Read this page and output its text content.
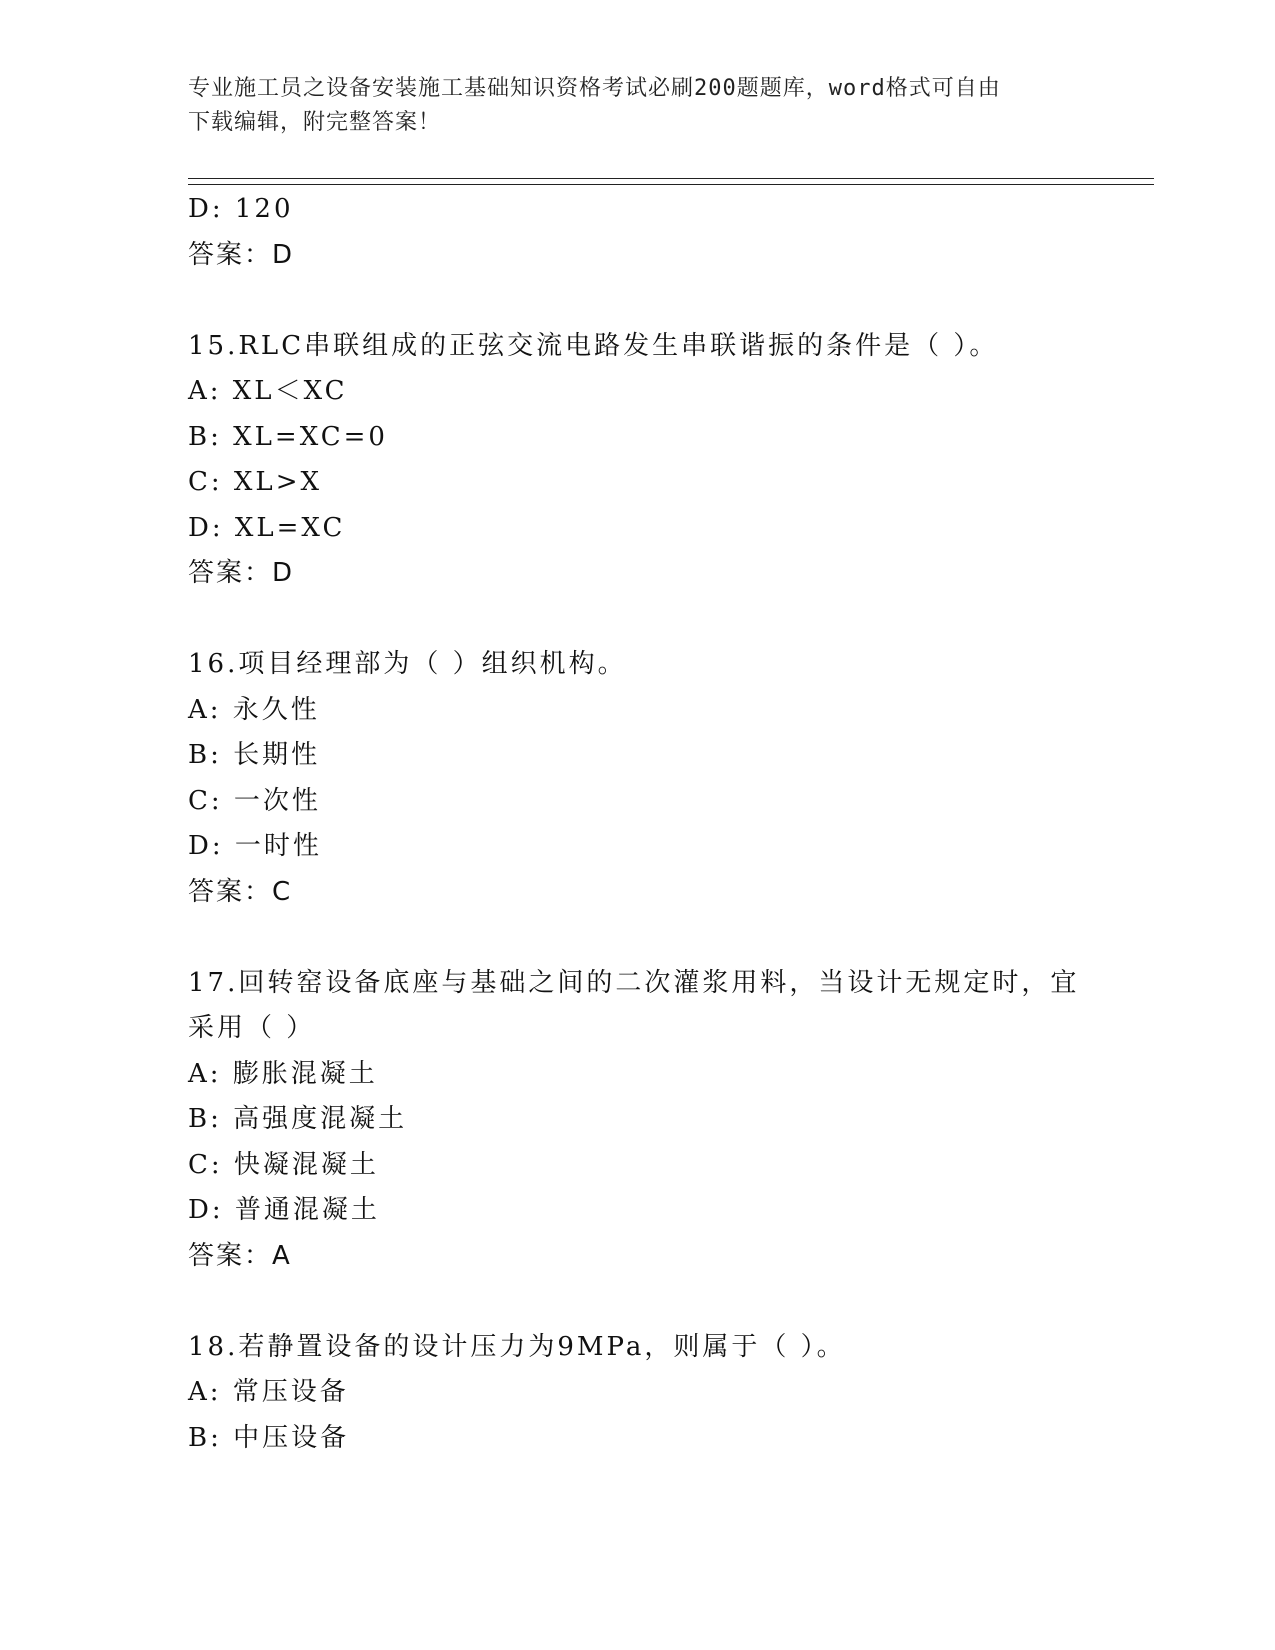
专业施工员之设备安装施工基础知识资格考试必刷200题题库，word格式可自由
下载编辑，附完整答案！
D: 120
答案：D
15.RLC串联组成的正弦交流电路发生串联谐振的条件是（ ）。
A: XL＜XC
B: XL=XC=0
C: XL>X
D: XL=XC
答案：D
16.项目经理部为（ ）组织机构。
A: 永久性
B: 长期性
C: 一次性
D: 一时性
答案：C
17.回转窑设备底座与基础之间的二次灌浆用料，当设计无规定时，宜
采用（ ）
A: 膨胀混凝土
B: 高强度混凝土
C: 快凝混凝土
D: 普通混凝土
答案：A
18.若静置设备的设计压力为9MPa，则属于（ ）。
A: 常压设备
B: 中压设备
